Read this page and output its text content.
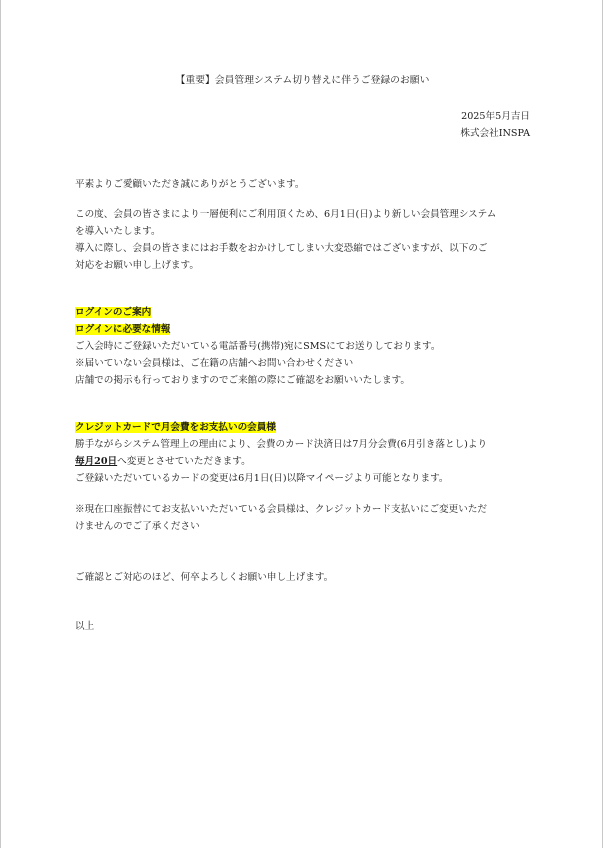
【重要】会員管理システム切り替えに伴うご登録のお願い
2025年5月吉日
株式会社INSPA

平素よりご愛顧いただき誠にありがとうございます。

この度、会員の皆さまにより一層便利にご利用頂くため、6月1日(日)より新しい会員管理システム

を導入いたします。

導入に際し、会員の皆さまにはお手数をおかけしてしまい大変恐縮ではございますが、以下のご

対応をお願い申し上げます。

ログインのご案内

ログインに必要な情報

ご入会時にご登録いただいている電話番号(携帯)宛にSMSにてお送りしております。

※届いていない会員様は、ご在籍の店舗へお問い合わせください

店舗での掲示も行っておりますのでご来館の際にご確認をお願いいたします。

クレジットカードで月会費をお支払いの会員様

勝手ながらシステム管理上の理由により、会費のカード決済日は7月分会費(6月引き落とし)より

毎月20日へ変更とさせていただきます。

ご登録いただいているカードの変更は6月1日(日)以降マイページより可能となります。

※現在口座振替にてお支払いいただいている会員様は、クレジットカード支払いにご変更いただ

けませんのでご了承ください

ご確認とご対応のほど、何卒よろしくお願い申し上げます。

以上
